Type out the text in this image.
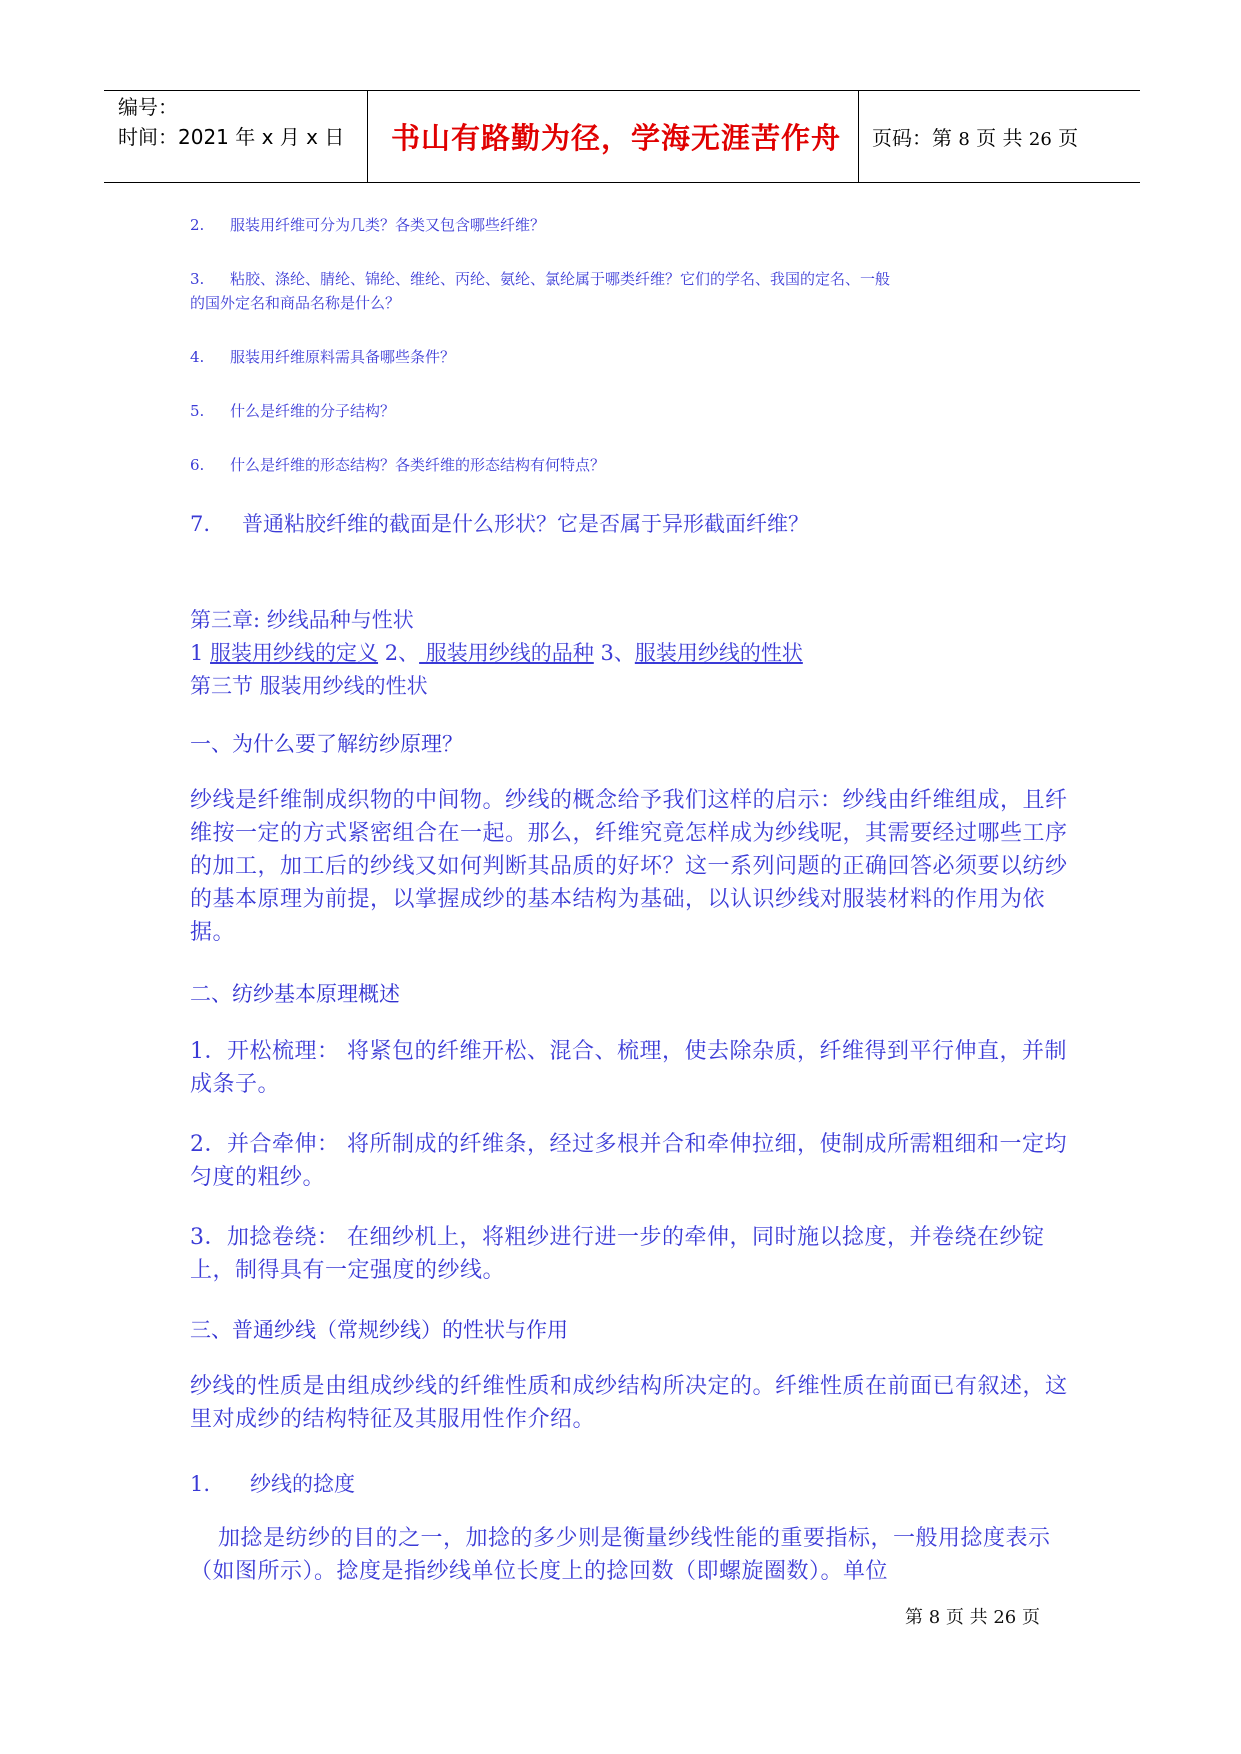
编号：
时间：2021 年 x 月 x 日	书山有路勤为径，学海无涯苦作舟	页码：第 8 页 共 26 页
2. 服装用纤维可分为几类？各类又包含哪些纤维？
3. 粘胶、涤纶、腈纶、锦纶、维纶、丙纶、氨纶、氯纶属于哪类纤维？它们的学名、我国的定名、一般
的国外定名和商品名称是什么？
4. 服装用纤维原料需具备哪些条件？
5. 什么是纤维的分子结构？
6. 什么是纤维的形态结构？各类纤维的形态结构有何特点？
7. 普通粘胶纤维的截面是什么形状？它是否属于异形截面纤维？
第三章: 纱线品种与性状
1 服装用纱线的定义 2、 服装用纱线的品种 3、服装用纱线的性状
第三节 服装用纱线的性状
一、为什么要了解纺纱原理？
纱线是纤维制成织物的中间物。纱线的概念给予我们这样的启示：纱线由纤维组成，且纤维按一定的方式紧密组合在一起。那么，纤维究竟怎样成为纱线呢，其需要经过哪些工序的加工，加工后的纱线又如何判断其品质的好坏？这一系列问题的正确回答必须要以纺纱的基本原理为前提，以掌握成纱的基本结构为基础，以认识纱线对服装材料的作用为依据。
二、纺纱基本原理概述
1．开松梳理： 将紧包的纤维开松、混合、梳理，使去除杂质，纤维得到平行伸直，并制成条子。
2．并合牵伸： 将所制成的纤维条，经过多根并合和牵伸拉细，使制成所需粗细和一定均匀度的粗纱。
3．加捻卷绕： 在细纱机上，将粗纱进行进一步的牵伸，同时施以捻度，并卷绕在纱锭上，制得具有一定强度的纱线。
三、普通纱线（常规纱线）的性状与作用
纱线的性质是由组成纱线的纤维性质和成纱结构所决定的。纤维性质在前面已有叙述，这里对成纱的结构特征及其服用性作介绍。
1. 纱线的捻度
加捻是纺纱的目的之一，加捻的多少则是衡量纱线性能的重要指标，一般用捻度表示（如图所示）。捻度是指纱线单位长度上的捻回数（即螺旋圈数）。单位
第 8 页 共 26 页
